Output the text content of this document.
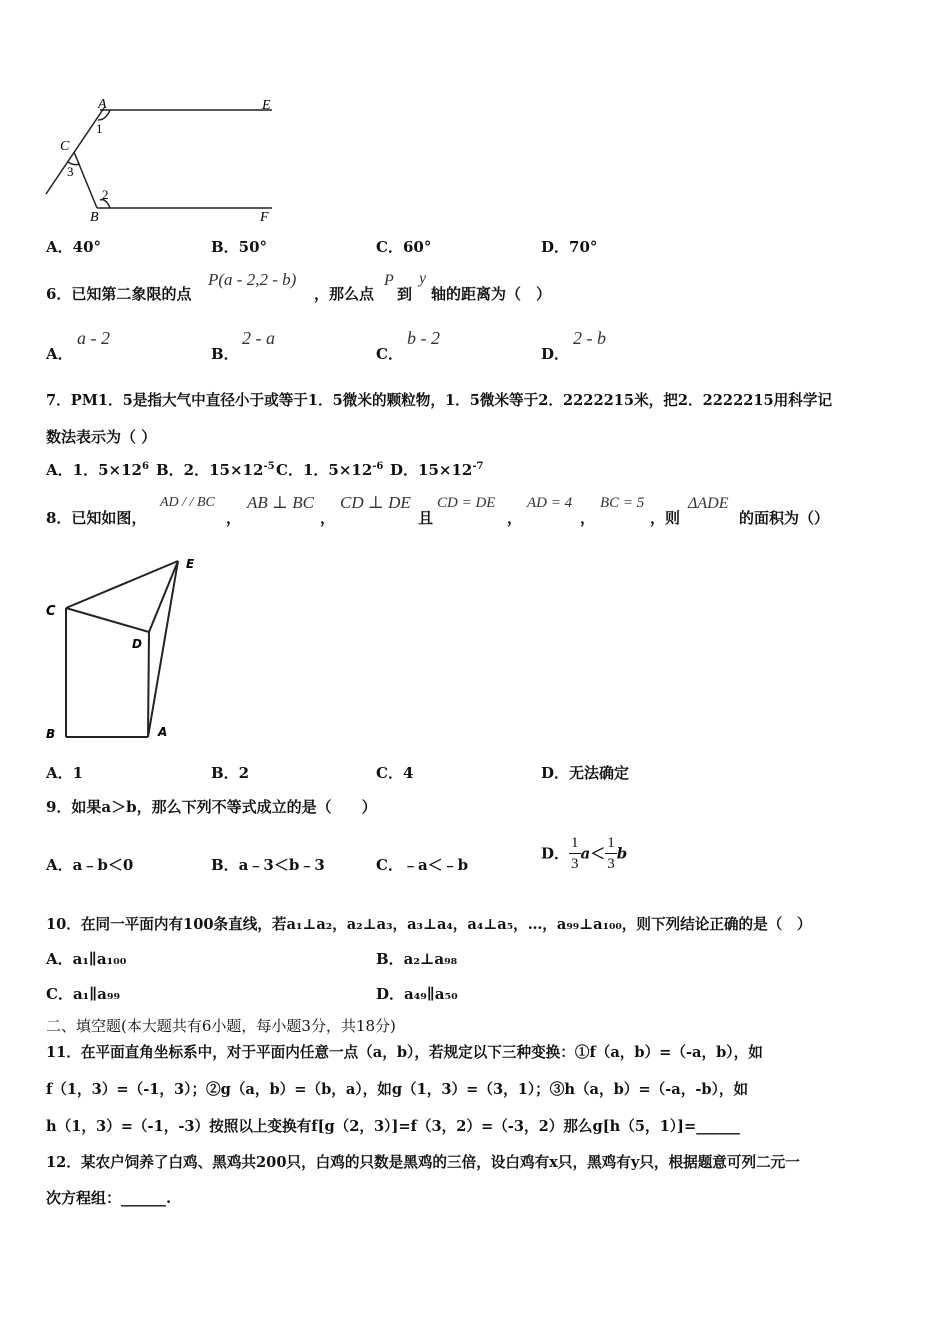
A	E
1
C
3
2
B	F
A．40°	B．50°	C．60°	D．70°
6．已知第二象限的点
P(a - 2,2 - b)
，那么点
P
到
y
轴的距离为（　）
A．
a - 2
B．
2 - a
C．
b - 2
D．
2 - b
7．PM1．5是指大气中直径小于或等于1．5微米的颗粒物，1．5微米等于2．2222215米，把2．2222215用科学记
数法表示为（ ）
A．1．$5\times 12^6$ B．2．$15\times 12^{-5}$ C．1．$5\times 12^{-6}$ D．$15\times 12^{-7}$
8．已知如图，
AD / / BC
，
AB ⊥ BC
，
CD ⊥ DE
且
CD = DE
，
AD = 4
，
BC = 5
，则
ΔADE
的面积为（）
E
C
D
B	A
A．1	B．2	C．4	D．无法确定
9．如果a＞b，那么下列不等式成立的是（　　）
A．a﹣b＜0	B．a﹣3＜b﹣3	C．﹣a＜﹣b
D． $\frac{1}{3} a< \frac{1}{3}$ b
10．在同一平面内有100条直线，若a₁⊥a₂，a₂⊥a₃，a₃⊥a₄，a₄⊥a₅，…，a₉₉⊥a₁₀₀，则下列结论正确的是（　）
A．a₁∥a₁₀₀	B．a₂⊥a₉₈
C．a₁∥a₉₉	D．a₄₉∥a₅₀
二、填空题(本大题共有6小题，每小题3分，共18分)
11．在平面直角坐标系中，对于平面内任意一点（a，b），若规定以下三种变换：①f（a，b）=（-a，b），如
f（1，3）=（-1，3）；②g（a，b）=（b，a），如g（1，3）=（3，1）；③h（a，b）=（-a，-b），如
h（1，3）=（-1，-3）按照以上变换有f[g（2，3）]=f（3，2）=（-3，2）那么g[h（5，1）]=______
12．某农户饲养了白鸡、黑鸡共200只，白鸡的只数是黑鸡的三倍，设白鸡有x只，黑鸡有y只，根据题意可列二元一
次方程组：______.
